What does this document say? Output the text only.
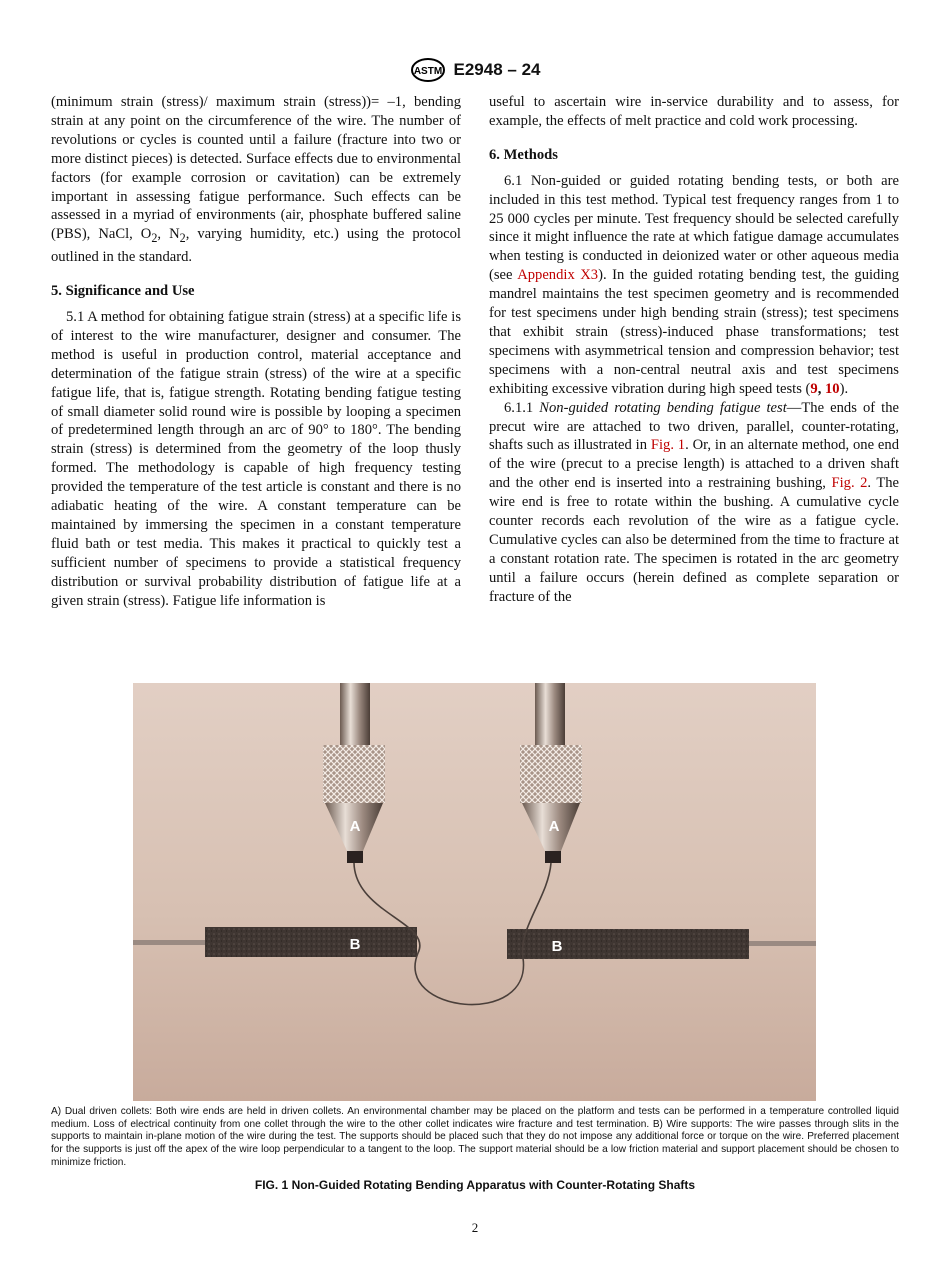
ASTM E2948 – 24

(minimum strain (stress)/ maximum strain (stress))= –1, bending strain at any point on the circumference of the wire. The number of revolutions or cycles is counted until a failure (fracture into two or more distinct pieces) is detected. Surface effects due to environmental factors (for example corrosion or cavitation) can be extremely important in assessing fatigue performance. Such effects can be assessed in a myriad of environments (air, phosphate buffered saline (PBS), NaCl, $O_2$, $N_2$, varying humidity, etc.) using the protocol outlined in the standard.

5. Significance and Use

5.1 A method for obtaining fatigue strain (stress) at a specific life is of interest to the wire manufacturer, designer and consumer. The method is useful in production control, material acceptance and determination of the fatigue strain (stress) of the wire at a specific fatigue life, that is, fatigue strength. Rotating bending fatigue testing of small diameter solid round wire is possible by looping a specimen of predetermined length through an arc of 90° to 180°. The bending strain (stress) is determined from the geometry of the loop thusly formed. The methodology is capable of high frequency testing provided the temperature of the test article is constant and there is no adiabatic heating of the wire. A constant temperature can be maintained by immersing the specimen in a constant temperature fluid bath or test media. This makes it practical to quickly test a sufficient number of specimens to provide a statistical frequency distribution or survival probability distribution of fatigue life at a given strain (stress). Fatigue life information is

useful to ascertain wire in-service durability and to assess, for example, the effects of melt practice and cold work processing.

6. Methods

6.1 Non-guided or guided rotating bending tests, or both are included in this test method. Typical test frequency ranges from 1 to 25 000 cycles per minute. Test frequency should be selected carefully since it might influence the rate at which fatigue damage accumulates when testing is conducted in deionized water or other aqueous media (see Appendix X3). In the guided rotating bending test, the guiding mandrel maintains the test specimen geometry and is recommended for test specimens under high bending strain (stress); test specimens that exhibit strain (stress)-induced phase transformations; test specimens with asymmetrical tension and compression behavior; test specimens with a non-central neutral axis and test specimens exhibiting excessive vibration during high speed tests (9, 10).

6.1.1 Non-guided rotating bending fatigue test—The ends of the precut wire are attached to two driven, parallel, counter-rotating, shafts such as illustrated in Fig. 1. Or, in an alternate method, one end of the wire (precut to a precise length) is attached to a driven shaft and the other end is inserted into a restraining bushing, Fig. 2. The wire end is free to rotate within the bushing. A cumulative cycle counter records each revolution of the wire as a fatigue cycle. Cumulative cycles can also be determined from the time to fracture at a constant rotation rate. The specimen is rotated in the arc geometry until a failure occurs (herein defined as complete separation or fracture of the

A	A
B	B
A) Dual driven collets: Both wire ends are held in driven collets. An environmental chamber may be placed on the platform and tests can be performed in a temperature controlled liquid medium. Loss of electrical continuity from one collet through the wire to the other collet indicates wire fracture and test termination. B) Wire supports: The wire passes through slits in the supports to maintain in-plane motion of the wire during the test. The supports should be placed such that they do not impose any additional force or torque on the wire. Preferred placement for the supports is just off the apex of the wire loop perpendicular to a tangent to the loop. The support material should be a low friction material and support placement should be chosen to minimize friction.
FIG. 1 Non-Guided Rotating Bending Apparatus with Counter-Rotating Shafts
2
